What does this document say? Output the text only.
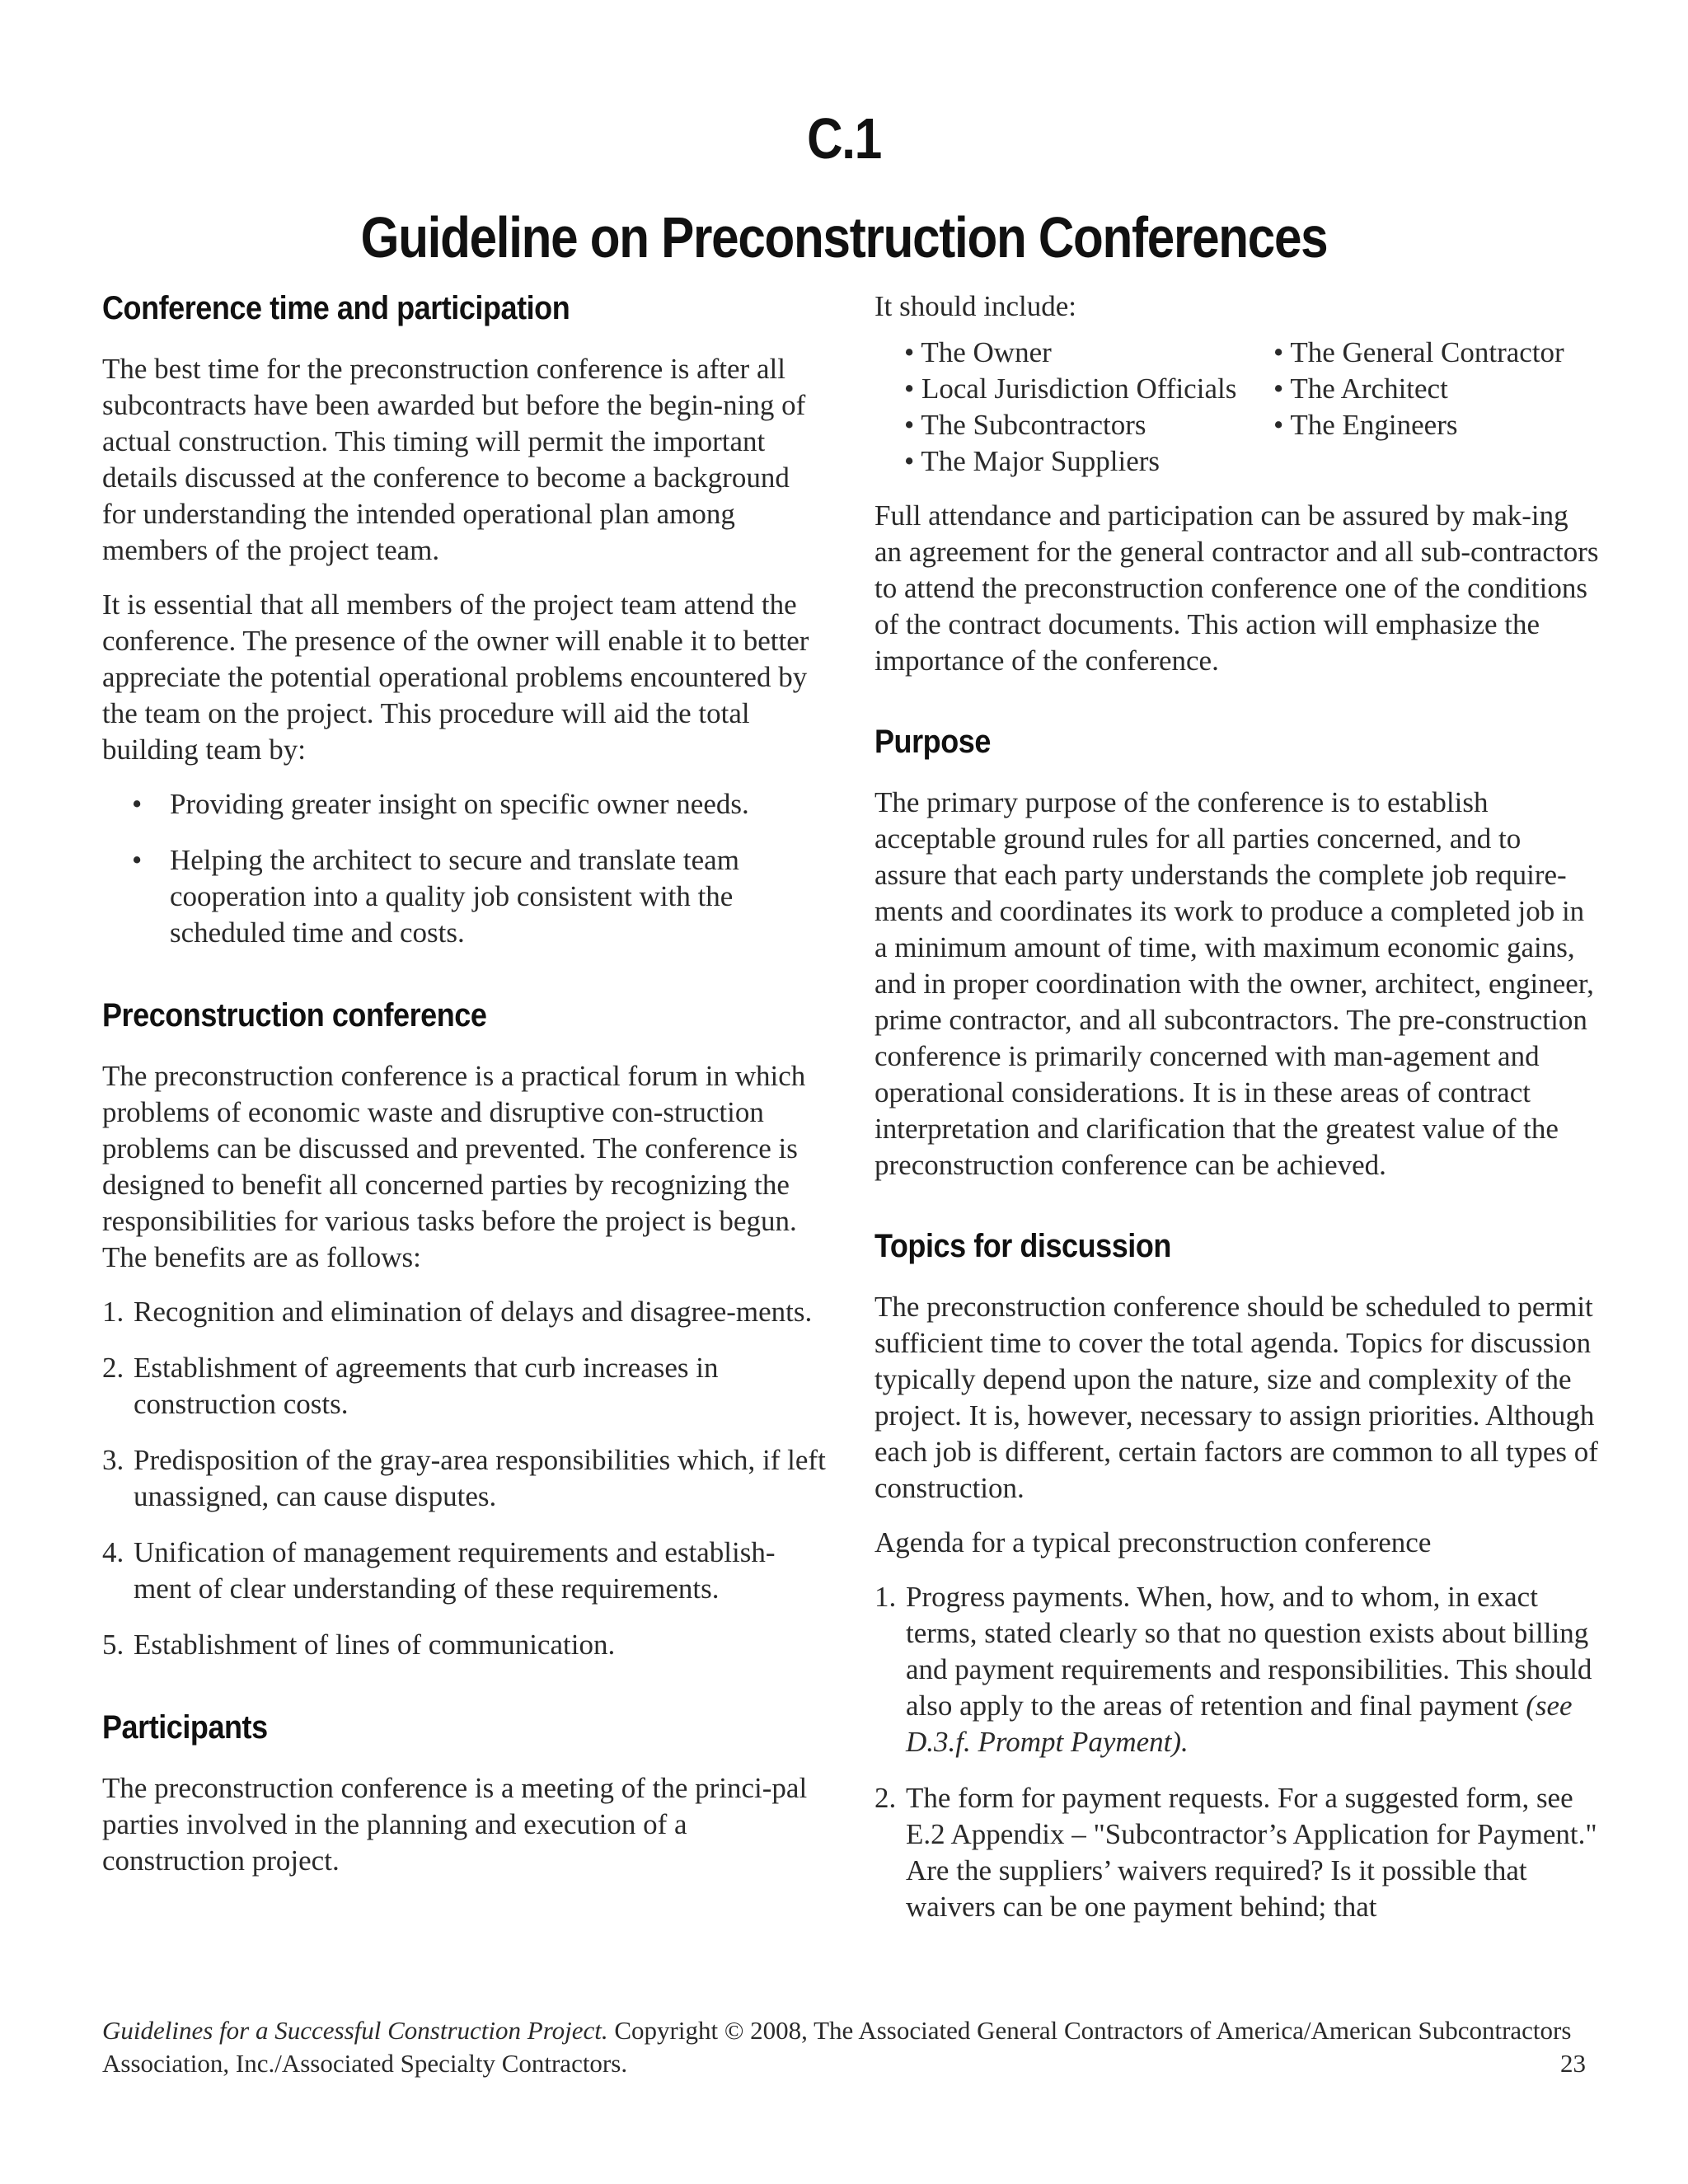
C.1
Guideline on Preconstruction Conferences
Conference time and participation

The best time for the preconstruction conference is after all subcontracts have been awarded but before the begin-ning of actual construction. This timing will permit the important details discussed at the conference to become a background for understanding the intended operational plan among members of the project team.

It is essential that all members of the project team attend the conference. The presence of the owner will enable it to better appreciate the potential operational problems encountered by the team on the project. This procedure will aid the total building team by:

• Providing greater insight on specific owner needs.
• Helping the architect to secure and translate team cooperation into a quality job consistent with the scheduled time and costs.
Preconstruction conference

The preconstruction conference is a practical forum in which problems of economic waste and disruptive con-struction problems can be discussed and prevented. The conference is designed to benefit all concerned parties by recognizing the responsibilities for various tasks before the project is begun. The benefits are as follows:

1. Recognition and elimination of delays and disagree-ments.
2. Establishment of agreements that curb increases in construction costs.
3. Predisposition of the gray-area responsibilities which, if left unassigned, can cause disputes.
4. Unification of management requirements and establish-ment of clear understanding of these requirements.
5. Establishment of lines of communication.
Participants

The preconstruction conference is a meeting of the princi-pal parties involved in the planning and execution of a construction project.

It should include:

• The Owner
• Local Jurisdiction Officials
• The Subcontractors
• The Major Suppliers
• The General Contractor
• The Architect
• The Engineers

Full attendance and participation can be assured by mak-ing an agreement for the general contractor and all sub-contractors to attend the preconstruction conference one of the conditions of the contract documents. This action will emphasize the importance of the conference.

Purpose

The primary purpose of the conference is to establish acceptable ground rules for all parties concerned, and to assure that each party understands the complete job require-ments and coordinates its work to produce a completed job in a minimum amount of time, with maximum economic gains, and in proper coordination with the owner, architect, engineer, prime contractor, and all subcontractors. The pre-construction conference is primarily concerned with man-agement and operational considerations. It is in these areas of contract interpretation and clarification that the greatest value of the preconstruction conference can be achieved.

Topics for discussion

The preconstruction conference should be scheduled to permit sufficient time to cover the total agenda. Topics for discussion typically depend upon the nature, size and complexity of the project. It is, however, necessary to assign priorities. Although each job is different, certain factors are common to all types of construction.

Agenda for a typical preconstruction conference

1. Progress payments. When, how, and to whom, in exact terms, stated clearly so that no question exists about billing and payment requirements and responsibilities. This should also apply to the areas of retention and final payment (see D.3.f. Prompt Payment).
2. The form for payment requests. For a suggested form, see E.2 Appendix – "Subcontractor’s Application for Payment." Are the suppliers’ waivers required? Is it possible that waivers can be one payment behind; that
Guidelines for a Successful Construction Project. Copyright © 2008, The Associated General Contractors of America/American Subcontractors Association, Inc./Associated Specialty Contractors.	23
